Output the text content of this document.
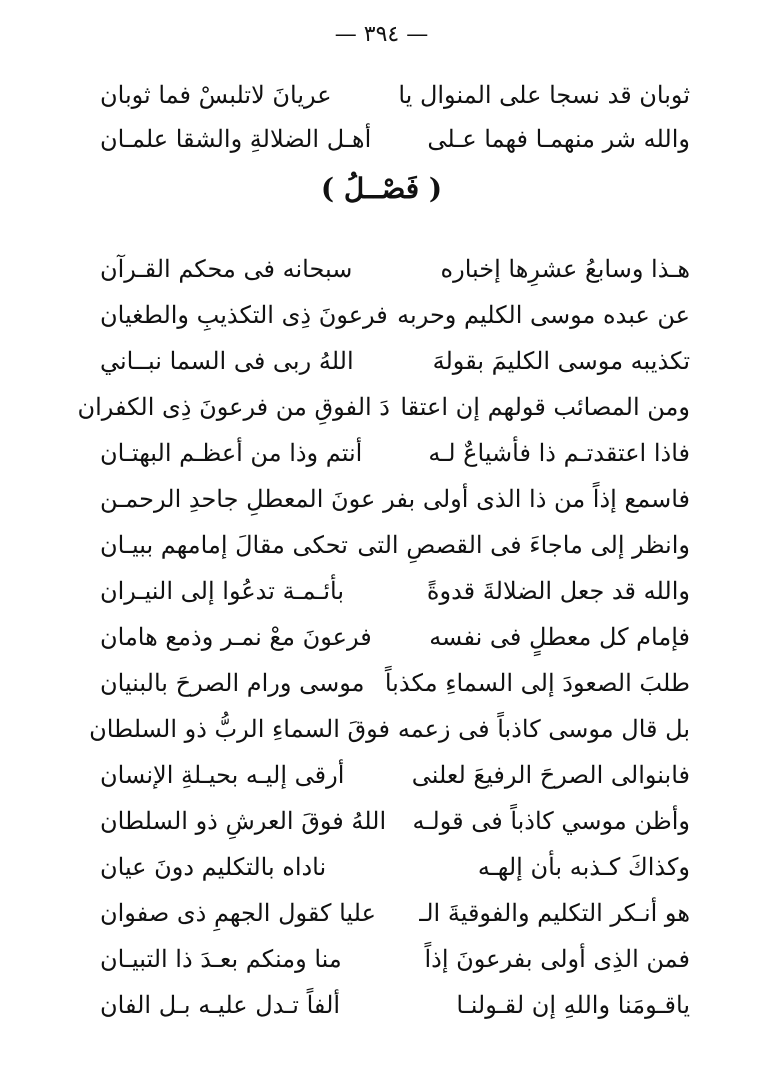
— ٣٩٤ —
ثوبان قد نسجا على المنوال يا
عريانَ لاتلبسْ فما ثوبان
والله شر منهمـا فهما عـلى
أهـل الضلالةِ والشقا علمـان
( فَصْــلُ )
هـذا وسابعُ عشرِها إخباره
سبحانه فى محكم القـرآن
عن عبده موسى الكليم وحربه
فرعونَ ذِى التكذيبِ والطغيان
تكذيبه موسى الكليمَ بقولهَ
اللهُ ربى فى السما نبــاني
ومن المصائب قولهم إن اعتقا
دَ الفوقِ من فرعونَ ذِى الكفران
فاذا اعتقدتـم ذا فأشياعٌ لـه
أنتم وذا من أعظـم البهتـان
فاسمع إذاً من ذا الذى أولى بفر
عونَ المعطلِ جاحدِ الرحمـن
وانظر إلى ماجاءَ فى القصصِ التى
تحكى مقالَ إمامهم ببيـان
والله قد جعل الضلالةَ قدوةً
بأئـمـة تدعُوا إلى النيـران
فإمام كل معطلٍ فى نفسه
فرعونَ معْ نمـر وذمع هامان
طلبَ الصعودَ إلى السماءِ مكذباً
موسى ورام الصرحَ بالبنيان
بل قال موسى كاذباً فى زعمه
فوقَ السماءِ الربُّ ذو السلطان
فابنوالى الصرحَ الرفيعَ لعلنى
أرقى إليـه بحيـلةِ الإنسان
وأظن موسي كاذباً فى قولـه
اللهُ فوقَ العرشِ ذو السلطان
وكذاكَ كـذبه بأن إلهـه
ناداه بالتكليم دونَ عيان
هو أنـكر التكليم والفوقيةَ الـ
عليا كقول الجهمِ ذى صفوان
فمن الذِى أولى بفرعونَ إذاً
منا ومنكم بعـدَ ذا التبيـان
ياقـومَنا واللهِ إن لقـولنـا
ألفاً تـدل عليـه بـل الفان
